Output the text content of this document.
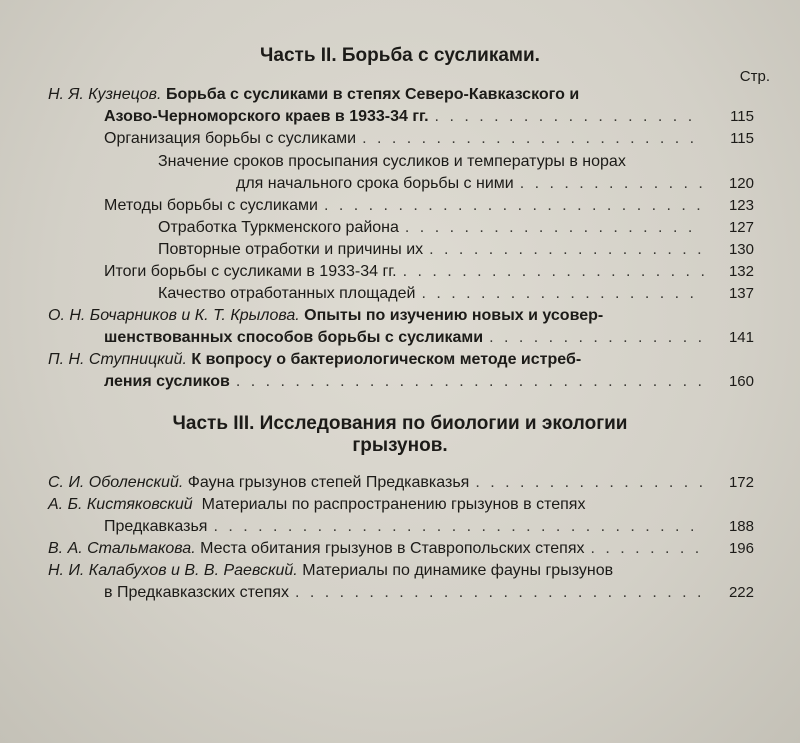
Часть II. Борьба с сусликами.
Стр.
Н. Я. Кузнецов.
Борьба с сусликами в степях Северо-Кавказского и
Азово-Черноморского краев в 1933-34 гг. . . .	115
Организация борьбы с сусликами . . .	115
Значение сроков просыпания сусликов и температуры в норах
для начального срока борьбы с ними . . .	120
Методы борьбы с сусликами . . .	123
Отработка Туркменского района . . .	127
Повторные отработки и причины их . . .	130
Итоги борьбы с сусликами в 1933-34 гг. . . .	132
Качество отработанных площадей . . .	137
О. Н. Бочарников и К. Т. Крылова.
Опыты по изучению новых и усовер-
шенствованных способов борьбы с сусликами . . .	141
П. Н. Ступницкий.
К вопросу о бактериологическом методе истреб-
ления сусликов . . .	160
Часть III. Исследования по биологии и экологии
грызунов.
С. И. Оболенский.
Фауна грызунов степей Предкавказья . . .	172
А. Б. Кистяковский
Материалы по распространению грызунов в степях
Предкавказья . . .	188
В. А. Стальмакова.
Места обитания грызунов в Ставропольских степях . . .	196
Н. И. Калабухов и В. В. Раевский.
Материалы по динамике фауны грызунов
в Предкавказских степях . . .	222
